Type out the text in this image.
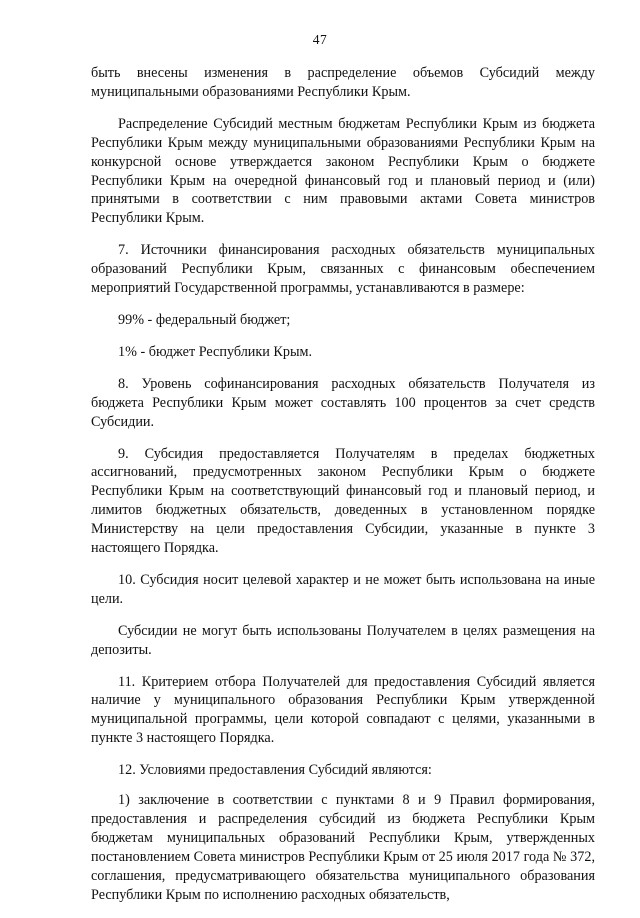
47

быть внесены изменения в распределение объемов Субсидий между муниципальными образованиями Республики Крым.

Распределение Субсидий местным бюджетам Республики Крым из бюджета Республики Крым между муниципальными образованиями Республики Крым на конкурсной основе утверждается законом Республики Крым о бюджете Республики Крым на очередной финансовый год и плановый период и (или) принятыми в соответствии с ним правовыми актами Совета министров Республики Крым.

7. Источники финансирования расходных обязательств муниципальных образований Республики Крым, связанных с финансовым обеспечением мероприятий Государственной программы, устанавливаются в размере:

99% - федеральный бюджет;

1% - бюджет Республики Крым.

8. Уровень софинансирования расходных обязательств Получателя из бюджета Республики Крым может составлять 100 процентов за счет средств Субсидии.

9. Субсидия предоставляется Получателям в пределах бюджетных ассигнований, предусмотренных законом Республики Крым о бюджете Республики Крым на соответствующий финансовый год и плановый период, и лимитов бюджетных обязательств, доведенных в установленном порядке Министерству на цели предоставления Субсидии, указанные в пункте 3 настоящего Порядка.

10. Субсидия носит целевой характер и не может быть использована на иные цели.

Субсидии не могут быть использованы Получателем в целях размещения на депозиты.

11. Критерием отбора Получателей для предоставления Субсидий является наличие у муниципального образования Республики Крым утвержденной муниципальной программы, цели которой совпадают с целями, указанными в пункте 3 настоящего Порядка.

12. Условиями предоставления Субсидий являются:

1) заключение в соответствии с пунктами 8 и 9 Правил формирования, предоставления и распределения субсидий из бюджета Республики Крым бюджетам муниципальных образований Республики Крым, утвержденных постановлением Совета министров Республики Крым от 25 июля 2017 года № 372, соглашения, предусматривающего обязательства муниципального образования Республики Крым по исполнению расходных обязательств,
